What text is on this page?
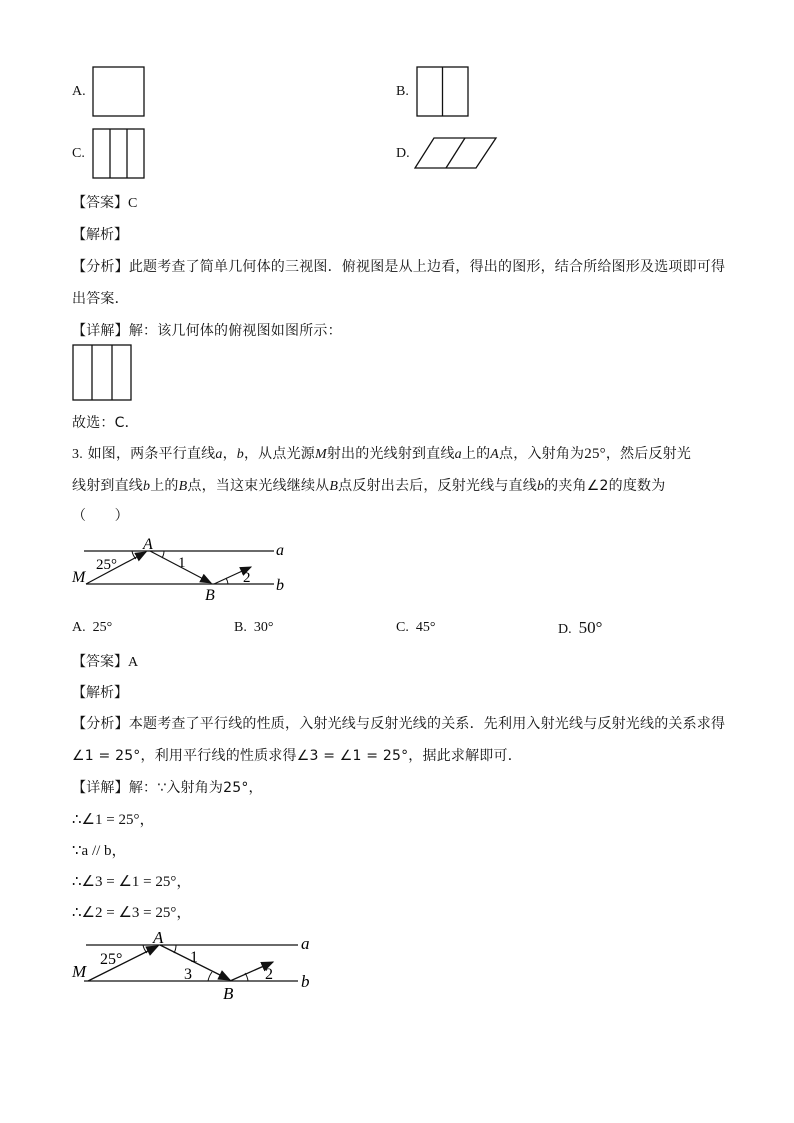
A.	B.
C.	D.
【答案】C
【解析】
【分析】此题考查了简单几何体的三视图．俯视图是从上边看，得出的图形，结合所给图形及选项即可得
出答案．
【详解】解：该几何体的俯视图如图所示：
故选：C．
3. 如图，两条平行直线a，b，从点光源M射出的光线射到直线a上的A点，入射角为25°，然后反射光
线射到直线b上的B点，当这束光线继续从B点反射出去后，反射光线与直线b的夹角∠2的度数为
（　　）
25°
A
1
M	2
B
a
b
A. 25°	B. 30°	C. 45°	D. 50°
【答案】A
【解析】
【分析】本题考查了平行线的性质，入射光线与反射光线的关系．先利用入射光线与反射光线的关系求得
∠1 = 25°，利用平行线的性质求得∠3 = ∠1 = 25°，据此求解即可．
【详解】解：∵入射角为25°，
∴∠1 = 25°，
∵a // b，
∴∠3 = ∠1 = 25°，
∴∠2 = ∠3 = 25°，
25°
A
1
M	3	2
B
a
b
